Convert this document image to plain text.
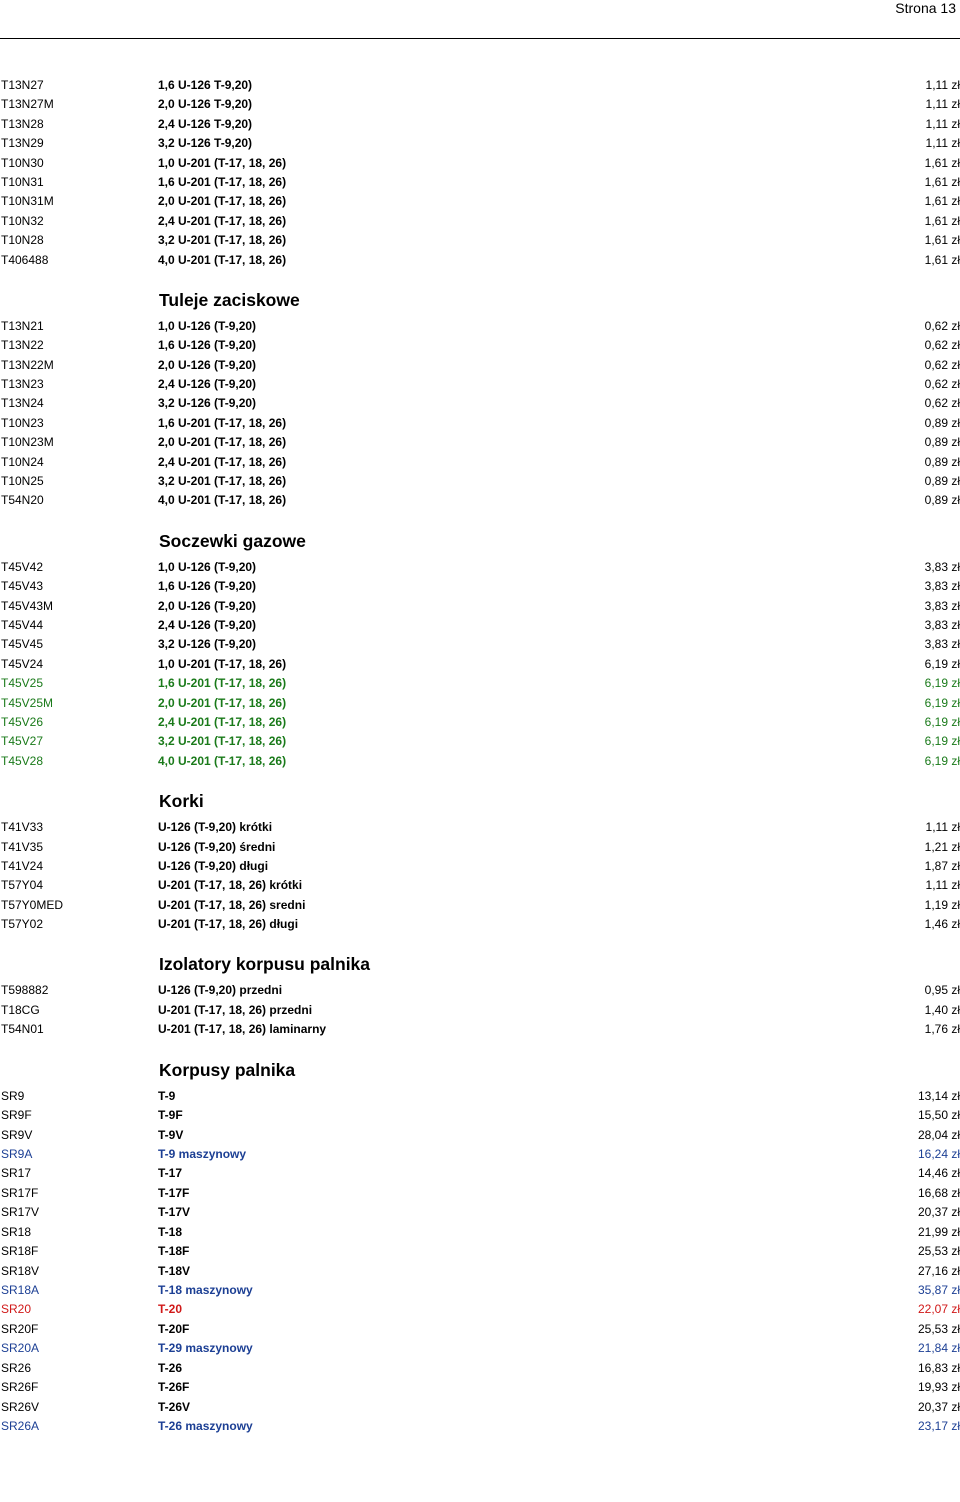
Strona 13
T13N27	1,6 U-126 T-9,20)	1,11 zł
T13N27M	2,0 U-126 T-9,20)	1,11 zł
T13N28	2,4 U-126 T-9,20)	1,11 zł
T13N29	3,2 U-126 T-9,20)	1,11 zł
T10N30	1,0 U-201 (T-17, 18, 26)	1,61 zł
T10N31	1,6 U-201 (T-17, 18, 26)	1,61 zł
T10N31M	2,0 U-201 (T-17, 18, 26)	1,61 zł
T10N32	2,4 U-201 (T-17, 18, 26)	1,61 zł
T10N28	3,2 U-201 (T-17, 18, 26)	1,61 zł
T406488	4,0 U-201 (T-17, 18, 26)	1,61 zł
Tuleje zaciskowe
T13N21	1,0 U-126 (T-9,20)	0,62 zł
T13N22	1,6 U-126 (T-9,20)	0,62 zł
T13N22M	2,0 U-126 (T-9,20)	0,62 zł
T13N23	2,4 U-126 (T-9,20)	0,62 zł
T13N24	3,2 U-126 (T-9,20)	0,62 zł
T10N23	1,6 U-201 (T-17, 18, 26)	0,89 zł
T10N23M	2,0 U-201 (T-17, 18, 26)	0,89 zł
T10N24	2,4 U-201 (T-17, 18, 26)	0,89 zł
T10N25	3,2 U-201 (T-17, 18, 26)	0,89 zł
T54N20	4,0 U-201 (T-17, 18, 26)	0,89 zł
Soczewki gazowe
T45V42	1,0 U-126 (T-9,20)	3,83 zł
T45V43	1,6 U-126 (T-9,20)	3,83 zł
T45V43M	2,0 U-126 (T-9,20)	3,83 zł
T45V44	2,4 U-126 (T-9,20)	3,83 zł
T45V45	3,2 U-126 (T-9,20)	3,83 zł
T45V24	1,0 U-201 (T-17, 18, 26)	6,19 zł
T45V25	1,6 U-201 (T-17, 18, 26)	6,19 zł
T45V25M	2,0 U-201 (T-17, 18, 26)	6,19 zł
T45V26	2,4 U-201 (T-17, 18, 26)	6,19 zł
T45V27	3,2 U-201 (T-17, 18, 26)	6,19 zł
T45V28	4,0 U-201 (T-17, 18, 26)	6,19 zł
Korki
T41V33	U-126 (T-9,20) krótki	1,11 zł
T41V35	U-126 (T-9,20) średni	1,21 zł
T41V24	U-126 (T-9,20) długi	1,87 zł
T57Y04	U-201 (T-17, 18, 26) krótki	1,11 zł
T57Y0MED	U-201 (T-17, 18, 26) sredni	1,19 zł
T57Y02	U-201 (T-17, 18, 26) długi	1,46 zł
Izolatory korpusu palnika
T598882	U-126 (T-9,20) przedni	0,95 zł
T18CG	U-201 (T-17, 18, 26) przedni	1,40 zł
T54N01	U-201 (T-17, 18, 26) laminarny	1,76 zł
Korpusy palnika
SR9	T-9	13,14 zł
SR9F	T-9F	15,50 zł
SR9V	T-9V	28,04 zł
SR9A	T-9 maszynowy	16,24 zł
SR17	T-17	14,46 zł
SR17F	T-17F	16,68 zł
SR17V	T-17V	20,37 zł
SR18	T-18	21,99 zł
SR18F	T-18F	25,53 zł
SR18V	T-18V	27,16 zł
SR18A	T-18 maszynowy	35,87 zł
SR20	T-20	22,07 zł
SR20F	T-20F	25,53 zł
SR20A	T-29 maszynowy	21,84 zł
SR26	T-26	16,83 zł
SR26F	T-26F	19,93 zł
SR26V	T-26V	20,37 zł
SR26A	T-26 maszynowy	23,17 zł
